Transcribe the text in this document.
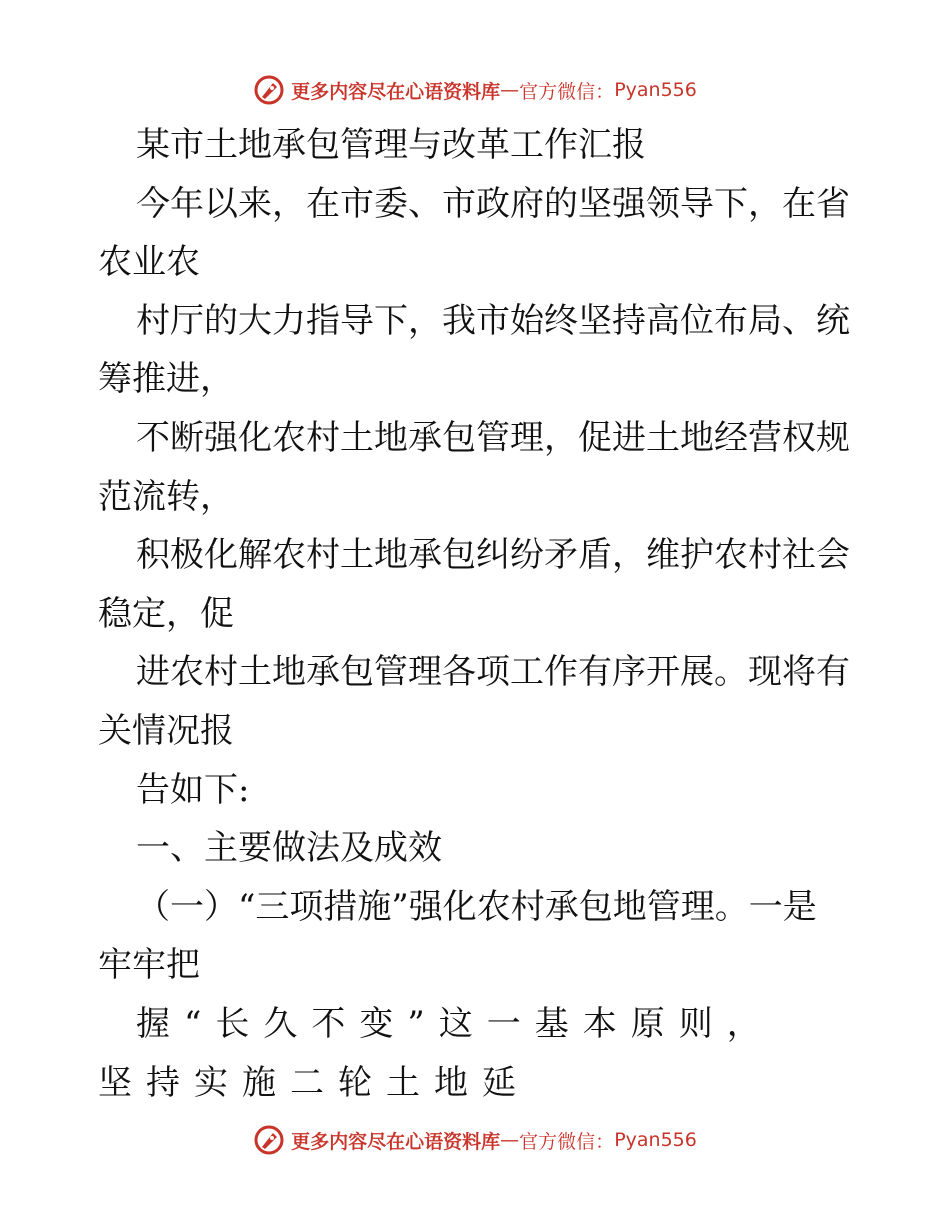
更多内容尽在心语资料库 — 官方微信： Pyan556
某市土地承包管理与改革工作汇报
今年以来，在市委、市政府的坚强领导下，在省
农业农
村厅的大力指导下，我市始终坚持高位布局、统
筹推进，
不断强化农村土地承包管理，促进土地经营权规
范流转，
积极化解农村土地承包纠纷矛盾，维护农村社会
稳定，促
进农村土地承包管理各项工作有序开展。现将有
关情况报
告如下:
一、主要做法及成效
（一）“三项措施”强化农村承包地管理。一是
牢牢把
握“长久不变”这一基本原则，
坚持实施二轮土地延
更多内容尽在心语资料库 — 官方微信： Pyan556
